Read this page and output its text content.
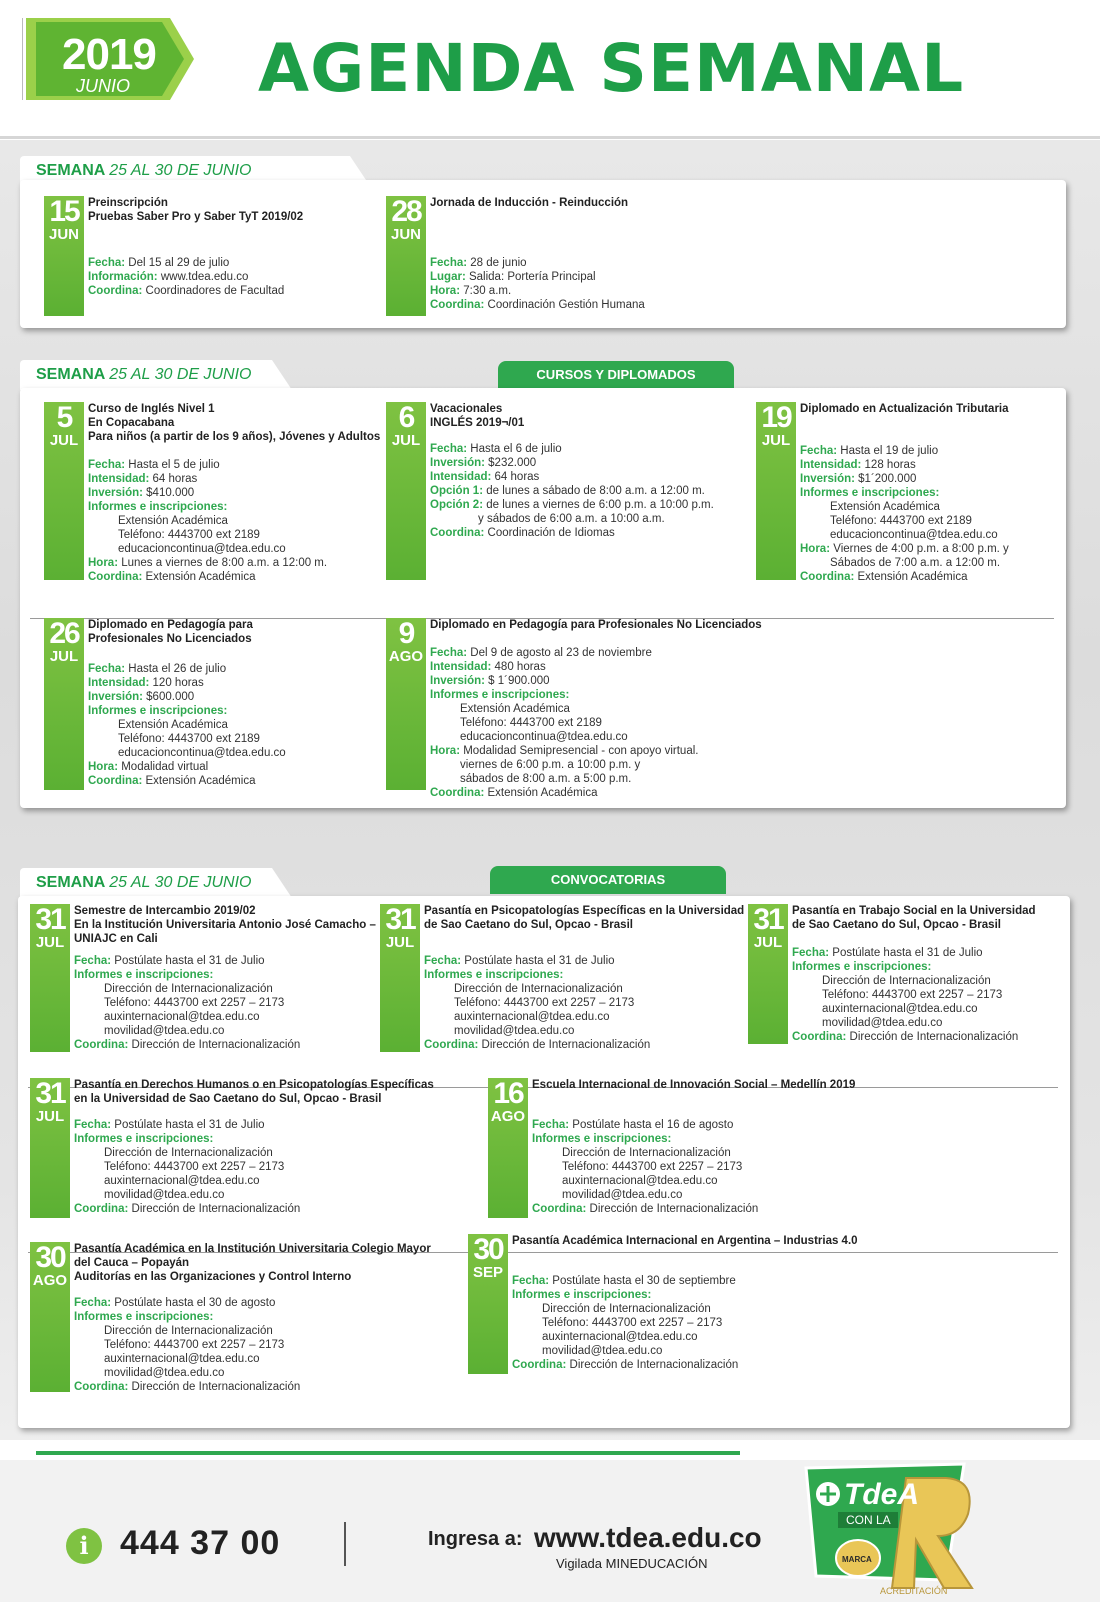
2019
JUNIO AGENDA SEMANAL
SEMANA 25 AL 30 DE JUNIO
SEMANA 25 AL 30 DE JUNIO	CURSOS Y DIPLOMADOS
SEMANA 25 AL 30 DE JUNIO	CONVOCATORIAS
15
JUN
Preinscripción
Pruebas Saber Pro y Saber TyT 2019/02
Fecha: Del 15 al 29 de julio
Información: www.tdea.edu.co
Coordina: Coordinadores de Facultad
28
JUN
Jornada de Inducción - Reinducción
Fecha: 28 de junio
Lugar: Salida: Portería Principal
Hora: 7:30 a.m.
Coordina: Coordinación Gestión Humana
5
JUL
Curso de Inglés Nivel 1
En Copacabana
Para niños (a partir de los 9 años), Jóvenes y Adultos
Fecha: Hasta el 5 de julio
Intensidad: 64 horas
Inversión: $410.000
Informes e inscripciones:
Extensión Académica
Teléfono: 4443700 ext 2189
educacioncontinua@tdea.edu.co
Hora: Lunes a viernes de 8:00 a.m. a 12:00 m.
Coordina: Extensión Académica
6
JUL
Vacacionales
INGLÉS 2019¬/01
Fecha: Hasta el 6 de julio
Inversión: $232.000
Intensidad: 64 horas
Opción 1: de lunes a sábado de 8:00 a.m. a 12:00 m.
Opción 2: de lunes a viernes de 6:00 p.m. a 10:00 p.m.
y sábados de 6:00 a.m. a 10:00 a.m.
Coordina: Coordinación de Idiomas
19
JUL
Diplomado en Actualización Tributaria
Fecha: Hasta el 19 de julio
Intensidad: 128 horas
Inversión: $1´200.000
Informes e inscripciones:
Extensión Académica
Teléfono: 4443700 ext 2189
educacioncontinua@tdea.edu.co
Hora: Viernes de 4:00 p.m. a 8:00 p.m. y
Sábados de 7:00 a.m. a 12:00 m.
Coordina: Extensión Académica
26
JUL
Diplomado en Pedagogía para
Profesionales No Licenciados
Fecha: Hasta el 26 de julio
Intensidad: 120 horas
Inversión: $600.000
Informes e inscripciones:
Extensión Académica
Teléfono: 4443700 ext 2189
educacioncontinua@tdea.edu.co
Hora: Modalidad virtual
Coordina: Extensión Académica
9
AGO
Diplomado en Pedagogía para Profesionales No Licenciados
Fecha: Del 9 de agosto al 23 de noviembre
Intensidad: 480 horas
Inversión: $ 1´900.000
Informes e inscripciones:
Extensión Académica
Teléfono: 4443700 ext 2189
educacioncontinua@tdea.edu.co
Hora: Modalidad Semipresencial - con apoyo virtual.
viernes de 6:00 p.m. a 10:00 p.m. y
sábados de 8:00 a.m. a 5:00 p.m.
Coordina: Extensión Académica
31
JUL
Semestre de Intercambio 2019/02
En la Institución Universitaria Antonio José Camacho –
UNIAJC en Cali
Fecha: Postúlate hasta el 31 de Julio
Informes e inscripciones:
Dirección de Internacionalización
Teléfono: 4443700 ext 2257 – 2173
auxinternacional@tdea.edu.co
movilidad@tdea.edu.co
Coordina: Dirección de Internacionalización
31
JUL
Pasantía en Psicopatologías Específicas en la Universidad
de Sao Caetano do Sul, Opcao - Brasil
Fecha: Postúlate hasta el 31 de Julio
Informes e inscripciones:
Dirección de Internacionalización
Teléfono: 4443700 ext 2257 – 2173
auxinternacional@tdea.edu.co
movilidad@tdea.edu.co
Coordina: Dirección de Internacionalización
31
JUL
Pasantía en Trabajo Social en la Universidad
de Sao Caetano do Sul, Opcao - Brasil
Fecha: Postúlate hasta el 31 de Julio
Informes e inscripciones:
Dirección de Internacionalización
Teléfono: 4443700 ext 2257 – 2173
auxinternacional@tdea.edu.co
movilidad@tdea.edu.co
Coordina: Dirección de Internacionalización
31
JUL
Pasantía en Derechos Humanos o en Psicopatologías Específicas
en la Universidad de Sao Caetano do Sul, Opcao - Brasil
Fecha: Postúlate hasta el 31 de Julio
Informes e inscripciones:
Dirección de Internacionalización
Teléfono: 4443700 ext 2257 – 2173
auxinternacional@tdea.edu.co
movilidad@tdea.edu.co
Coordina: Dirección de Internacionalización
16
AGO
Escuela Internacional de Innovación Social – Medellín 2019
Fecha: Postúlate hasta el 16 de agosto
Informes e inscripciones:
Dirección de Internacionalización
Teléfono: 4443700 ext 2257 – 2173
auxinternacional@tdea.edu.co
movilidad@tdea.edu.co
Coordina: Dirección de Internacionalización
30
AGO
Pasantía Académica en la Institución Universitaria Colegio Mayor
del Cauca – Popayán
Auditorías en las Organizaciones y Control Interno
Fecha: Postúlate hasta el 30 de agosto
Informes e inscripciones:
Dirección de Internacionalización
Teléfono: 4443700 ext 2257 – 2173
auxinternacional@tdea.edu.co
movilidad@tdea.edu.co
Coordina: Dirección de Internacionalización
30
SEP
Pasantía Académica Internacional en Argentina – Industrias 4.0
Fecha: Postúlate hasta el 30 de septiembre
Informes e inscripciones:
Dirección de Internacionalización
Teléfono: 4443700 ext 2257 – 2173
auxinternacional@tdea.edu.co
movilidad@tdea.edu.co
Coordina: Dirección de Internacionalización
i 444 37 00	Ingresa a: www.tdea.edu.co
Vigilada MINEDUCACIÓN
TdeA
CON LA
MARCA
ACREDITACIÓN
